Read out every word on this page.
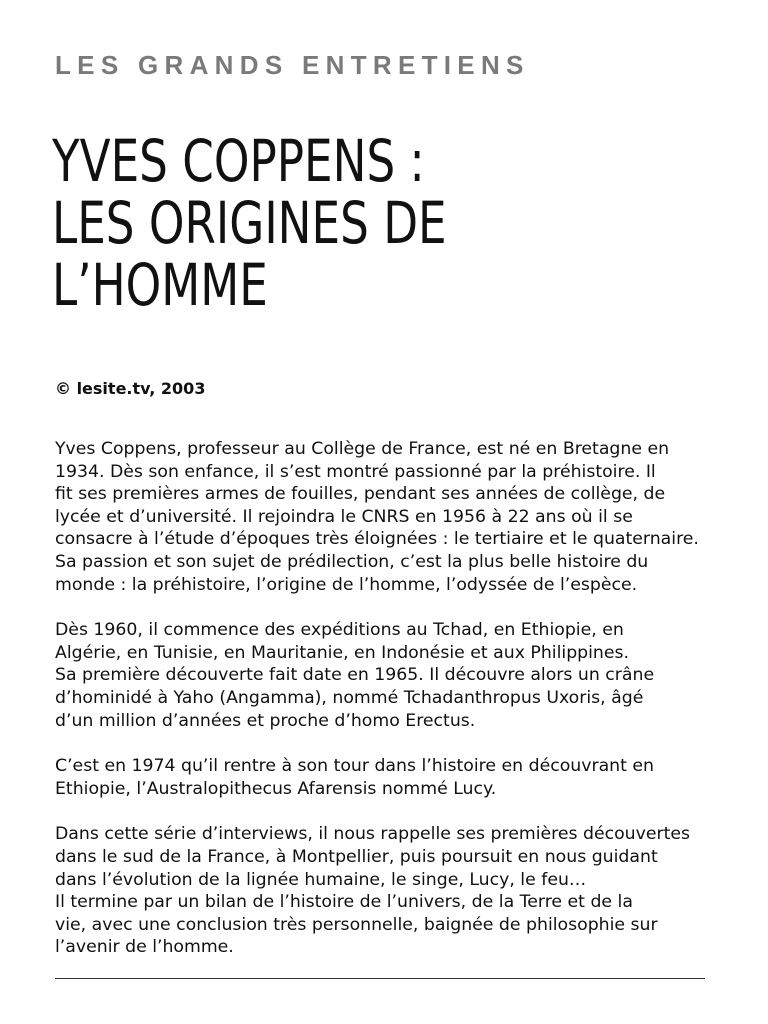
LES GRANDS ENTRETIENS
YVES COPPENS :
LES ORIGINES DE
L’HOMME
© lesite.tv, 2003

Yves Coppens, professeur au Collège de France, est né en Bretagne en
1934. Dès son enfance, il s’est montré passionné par la préhistoire. Il
fit ses premières armes de fouilles, pendant ses années de collège, de
lycée et d’université. Il rejoindra le CNRS en 1956 à 22 ans où il se
consacre à l’étude d’époques très éloignées : le tertiaire et le quaternaire.
Sa passion et son sujet de prédilection, c’est la plus belle histoire du
monde : la préhistoire, l’origine de l’homme, l’odyssée de l’espèce.

Dès 1960, il commence des expéditions au Tchad, en Ethiopie, en
Algérie, en Tunisie, en Mauritanie, en Indonésie et aux Philippines.
Sa première découverte fait date en 1965. Il découvre alors un crâne
d’hominidé à Yaho (Angamma), nommé Tchadanthropus Uxoris, âgé
d’un million d’années et proche d’homo Erectus.

C’est en 1974 qu’il rentre à son tour dans l’histoire en découvrant en
Ethiopie, l’Australopithecus Afarensis nommé Lucy.

Dans cette série d’interviews, il nous rappelle ses premières découvertes
dans le sud de la France, à Montpellier, puis poursuit en nous guidant
dans l’évolution de la lignée humaine, le singe, Lucy, le feu…
Il termine par un bilan de l’histoire de l’univers, de la Terre et de la
vie, avec une conclusion très personnelle, baignée de philosophie sur
l’avenir de l’homme.
